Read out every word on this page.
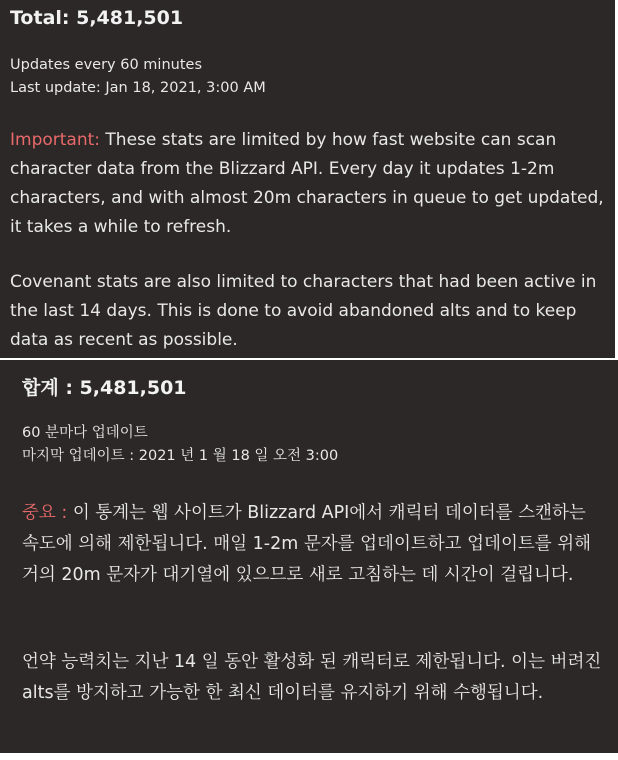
Total: 5,481,501
Updates every 60 minutes
Last update: Jan 18, 2021, 3:00 AM
Important: These stats are limited by how fast website can scan character data from the Blizzard API. Every day it updates 1-2m characters, and with almost 20m characters in queue to get updated, it takes a while to refresh.
Covenant stats are also limited to characters that had been active in the last 14 days. This is done to avoid abandoned alts and to keep data as recent as possible.
합계 : 5,481,501
60 분마다 업데이트
마지막 업데이트 : 2021 년 1 월 18 일 오전 3:00
중요 : 이 통계는 웹 사이트가 Blizzard API에서 캐릭터 데이터를 스캔하는 속도에 의해 제한됩니다. 매일 1-2m 문자를 업데이트하고 업데이트를 위해 거의 20m 문자가 대기열에 있으므로 새로 고침하는 데 시간이 걸립니다.
언약 능력치는 지난 14 일 동안 활성화 된 캐릭터로 제한됩니다. 이는 버려진 alts를 방지하고 가능한 한 최신 데이터를 유지하기 위해 수행됩니다.
